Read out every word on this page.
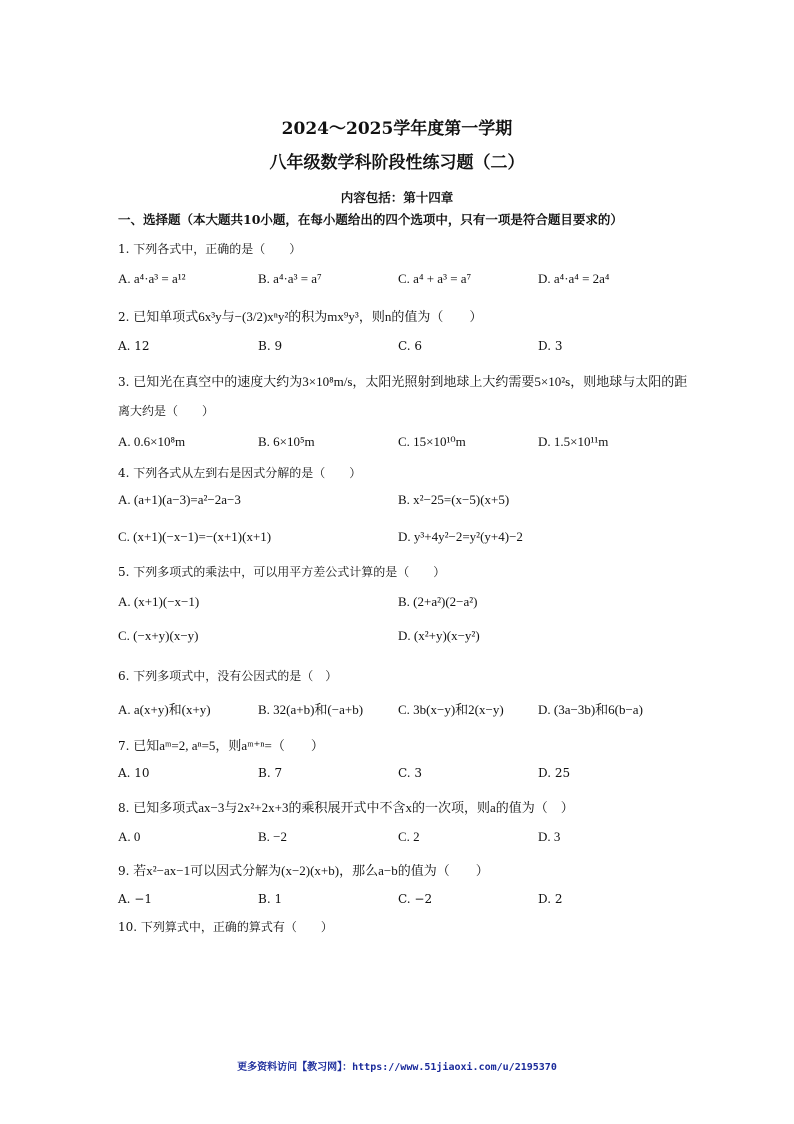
2024～2025学年度第一学期
八年级数学科阶段性练习题（二）
内容包括：第十四章
一、选择题（本大题共10小题，在每小题给出的四个选项中，只有一项是符合题目要求的）
1. 下列各式中，正确的是（　　）
A. a⁴·a³ = a¹²	B. a⁴·a³ = a⁷	C. a⁴ + a³ = a⁷	D. a⁴·a⁴ = 2a⁴
2. 已知单项式6x³y与−(3/2)xⁿy²的积为mx⁹y³，则n的值为（　　）
A. 12	B. 9	C. 6	D. 3
3. 已知光在真空中的速度大约为3×10⁸m/s，太阳光照射到地球上大约需要5×10²s，则地球与太阳的距
离大约是（　　）
A. 0.6×10⁸m	B. 6×10⁵m	C. 15×10¹⁰m	D. 1.5×10¹¹m
4. 下列各式从左到右是因式分解的是（　　）
A. (a+1)(a−3)=a²−2a−3	B. x²−25=(x−5)(x+5)
C. (x+1)(−x−1)=−(x+1)(x+1)	D. y³+4y²−2=y²(y+4)−2
5. 下列多项式的乘法中，可以用平方差公式计算的是（　　）
A. (x+1)(−x−1)	B. (2+a²)(2−a²)
C. (−x+y)(x−y)	D. (x²+y)(x−y²)
6. 下列多项式中，没有公因式的是（　）
A. a(x+y)和(x+y)	B. 32(a+b)和(−a+b)	C. 3b(x−y)和2(x−y)	D. (3a−3b)和6(b−a)
7. 已知aᵐ=2, aⁿ=5，则aᵐ⁺ⁿ=（　　）
A. 10	B. 7	C. 3	D. 25
8. 已知多项式ax−3与2x²+2x+3的乘积展开式中不含x的一次项，则a的值为（　）
A. 0	B. −2	C. 2	D. 3
9. 若x²−ax−1可以因式分解为(x−2)(x+b)，那么a−b的值为（　　）
A. −1	B. 1	C. −2	D. 2
10. 下列算式中，正确的算式有（　　）
更多资料访问【教习网】：https://www.51jiaoxi.com/u/2195370
